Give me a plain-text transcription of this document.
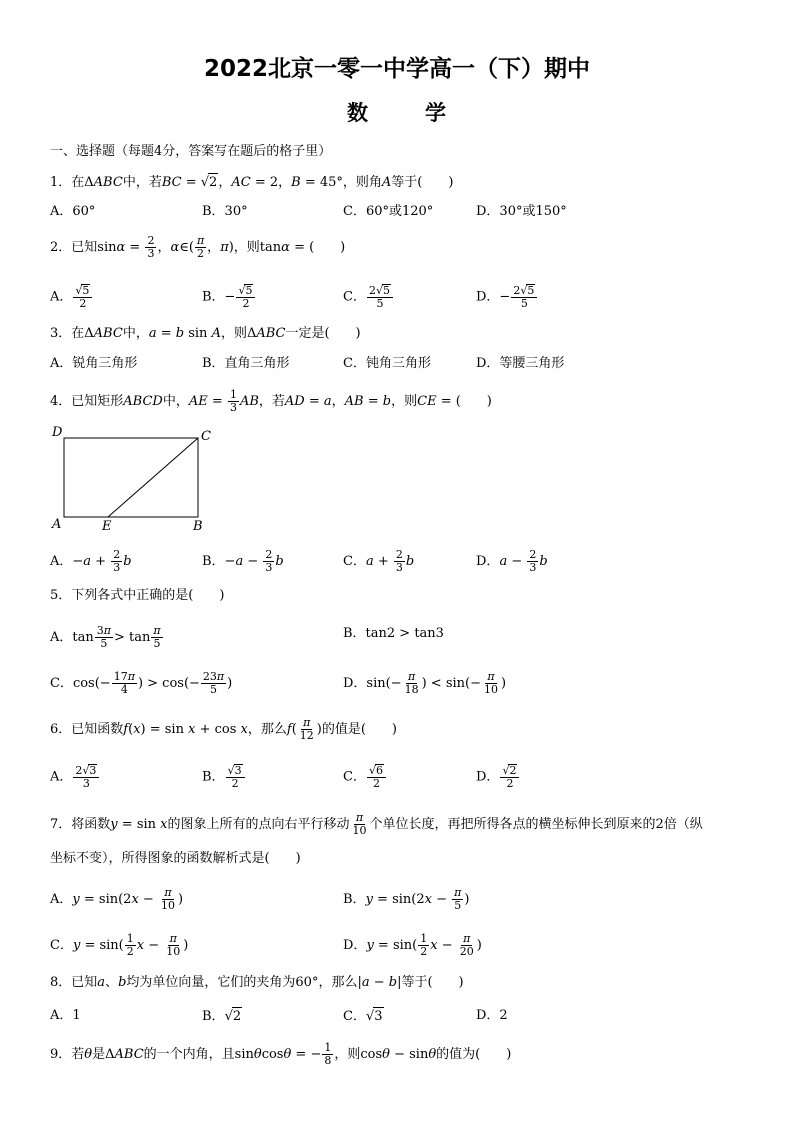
2022北京一零一中学高一（下）期中
数	学
一、选择题（每题4分，答案写在题后的格子里）
1．在ΔABC中，若BC = √ 2，AC = 2，B = 45°，则角A等于(　　)
A．60°	B．30°	C．60°或120°	D．30°或150°
2．已知$\sin\alpha = \frac{2}{3}$ ，α∈( $\frac{\pi}{2}$ ，π)，则tanα = (　　)
A． √ $\frac{5}{2}$	B．− √ $\frac{5}{2}$	C． $\frac{2 √ 5}{5}$	D．− $\frac{2 √ 5}{5}$
3．在ΔABC中，a = b sin A，则ΔABC一定是(　　)
A．锐角三角形	B．直角三角形	C．钝角三角形	D．等腰三角形
4．已知矩形ABCD中，AE = $\frac{1}{3}$ AB，若AD = a，AB = b，则CE = (　　)
D	C
A	E	B
A．$-a + \frac{2}{3}$ b	B．$-a - \frac{2}{3}$ b	C．$a + \frac{2}{3}$ b	D．$a - \frac{2}{3}$ b
5．下列各式中正确的是(　　)
A．$\tan \frac{3\pi}{5} > \tan \frac{\pi}{5}$	B．tan2 > tan3
C．$\cos(- \frac{17\pi}{4}$ ) > $\cos(- \frac{23\pi}{5}$ )	D．$\sin(- \frac{\pi}{18}$ ) < $\sin(- \frac{\pi}{10}$ )
6．已知函数f(x) = sin x + cos x，那么$f( \frac{\pi}{12}$ )的值是(　　)
A． $\frac{2 √ 3}{3}$	B． √ $\frac{3}{2}$	C． √ $\frac{6}{2}$	D． √ $\frac{2}{2}$
7．将函数y = sin x的图象上所有的点向右平行移动 $\frac{\pi}{10}$ 个单位长度，再把所得各点的横坐标伸长到原来的2倍（纵
坐标不变），所得图象的函数解析式是(　　)
A．$y = \sin(2x - \frac{\pi}{10}$ )	B．$y = \sin(2x - \frac{\pi}{5}$ )
C．$y = \sin( \frac{1}{2}$ $x - \frac{\pi}{10}$ )	D．$y = \sin( \frac{1}{2}$ $x - \frac{\pi}{20}$ )
8．已知a、b均为单位向量，它们的夹角为60°，那么|a − b|等于(　　)
A．1	B． √ 2	C． √ 3	D．2
9．若θ是ΔABC的一个内角，且sinθcosθ = − $\frac{1}{8}$ ，则cosθ − sinθ的值为(　　)
